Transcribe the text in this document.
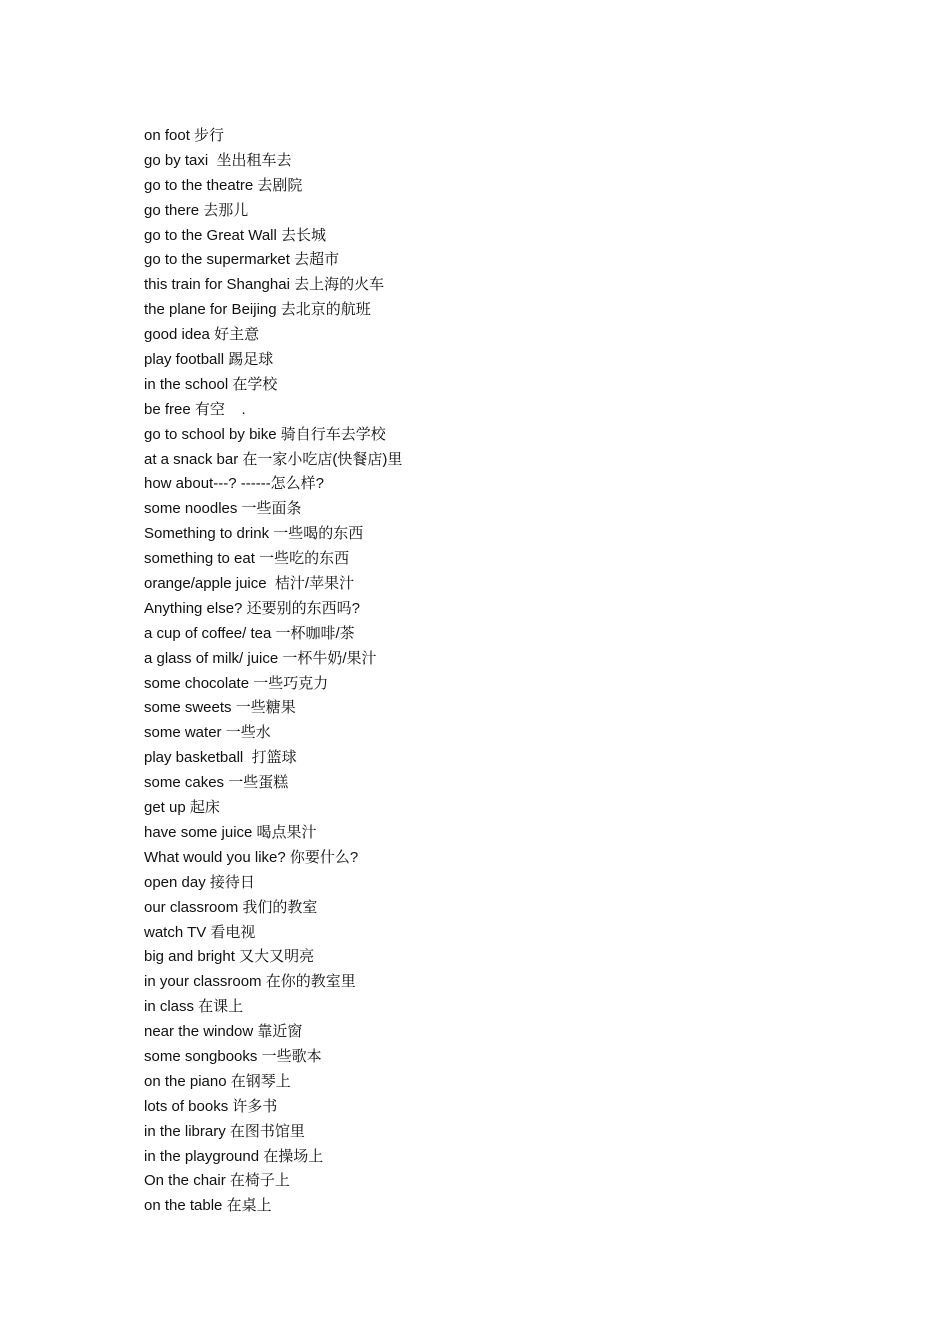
on foot 步行
go by taxi  坐出租车去
go to the theatre 去剧院
go there 去那儿
go to the Great Wall 去长城
go to the supermarket 去超市
this train for Shanghai 去上海的火车
the plane for Beijing 去北京的航班
good idea 好主意
play football 踢足球
in the school 在学校
be free 有空    .
go to school by bike 骑自行车去学校
at a snack bar 在一家小吃店(快餐店)里
how about---? ------怎么样?
some noodles 一些面条
Something to drink 一些喝的东西
something to eat 一些吃的东西
orange/apple juice  桔汁/苹果汁
Anything else? 还要别的东西吗?
a cup of coffee/ tea 一杯咖啡/茶
a glass of milk/ juice 一杯牛奶/果汁
some chocolate 一些巧克力
some sweets 一些糖果
some water 一些水
play basketball  打篮球
some cakes 一些蛋糕
get up 起床
have some juice 喝点果汁
What would you like? 你要什么?
open day 接待日
our classroom 我们的教室
watch TV 看电视
big and bright 又大又明亮
in your classroom 在你的教室里
in class 在课上
near the window 靠近窗
some songbooks 一些歌本
on the piano 在钢琴上
lots of books 许多书
in the library 在图书馆里
in the playground 在操场上
On the chair 在椅子上
on the table 在桌上
